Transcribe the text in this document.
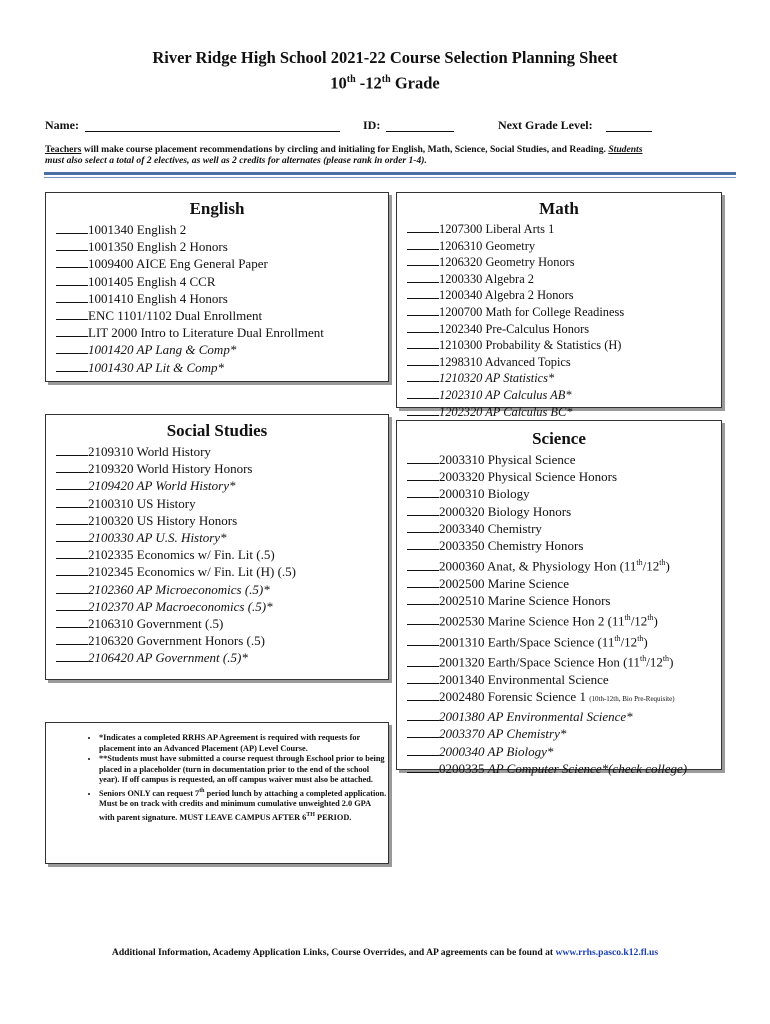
River Ridge High School 2021-22 Course Selection Planning Sheet
10th -12th Grade
Name:	ID:	Next Grade Level:
Teachers will make course placement recommendations by circling and initialing for English, Math, Science, Social Studies, and Reading. Students
must also select a total of 2 electives, as well as 2 credits for alternates (please rank in order 1-4).
English
1001340 English 2
1001350 English 2 Honors
1009400 AICE Eng General Paper
1001405 English 4 CCR
1001410 English 4 Honors
ENC 1101/1102 Dual Enrollment
LIT 2000 Intro to Literature Dual Enrollment
1001420 AP Lang & Comp*
1001430 AP Lit & Comp*
Math
1207300 Liberal Arts 1
1206310 Geometry
1206320 Geometry Honors
1200330 Algebra 2
1200340 Algebra 2 Honors
1200700 Math for College Readiness
1202340 Pre-Calculus Honors
1210300 Probability & Statistics (H)
1298310 Advanced Topics
1210320 AP Statistics*
1202310 AP Calculus AB*
1202320 AP Calculus BC*
Social Studies
2109310 World History
2109320 World History Honors
2109420 AP World History*
2100310 US History
2100320 US History Honors
2100330 AP U.S. History*
2102335 Economics w/ Fin. Lit (.5)
2102345 Economics w/ Fin. Lit (H) (.5)
2102360 AP Microeconomics (.5)*
2102370 AP Macroeconomics (.5)*
2106310 Government (.5)
2106320 Government Honors (.5)
2106420 AP Government (.5)*
Science
2003310 Physical Science
2003320 Physical Science Honors
2000310 Biology
2000320 Biology Honors
2003340 Chemistry
2003350 Chemistry Honors
2000360 Anat, & Physiology Hon (11th/12th)
2002500 Marine Science
2002510 Marine Science Honors
2002530 Marine Science Hon 2 (11th/12th)
2001310 Earth/Space Science (11th/12th)
2001320 Earth/Space Science Hon (11th/12th)
2001340 Environmental Science
2002480 Forensic Science 1 (10th-12th, Bio Pre-Requisite)
2001380 AP Environmental Science*
2003370 AP Chemistry*
2000340 AP Biology*
0200335 AP Computer Science*(check college)
• *Indicates a completed RRHS AP Agreement is required with requests for placement into an Advanced Placement (AP) Level Course.
• **Students must have submitted a course request through Eschool prior to being placed in a placeholder (turn in documentation prior to the end of the school year). If off campus is requested, an off campus waiver must also be attached.
• Seniors ONLY can request 7th period lunch by attaching a completed application. Must be on track with credits and minimum cumulative unweighted 2.0 GPA with parent signature. MUST LEAVE CAMPUS AFTER 6TH PERIOD.
Additional Information, Academy Application Links, Course Overrides, and AP agreements can be found at www.rrhs.pasco.k12.fl.us
